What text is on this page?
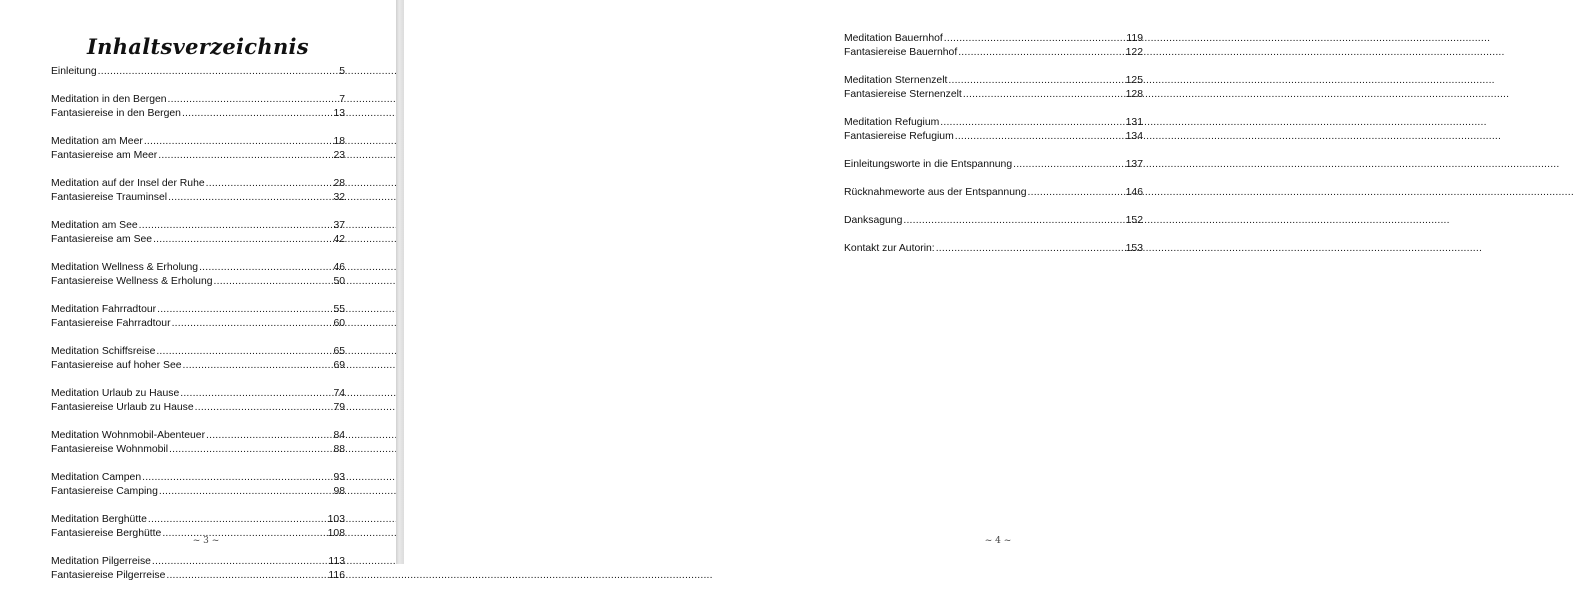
Inhaltsverzeichnis
Einleitung .....	5
Meditation in den Bergen .....	7
Fantasiereise in den Bergen .....	13
Meditation am Meer .....	18
Fantasiereise am Meer .....	23
Meditation auf der Insel der Ruhe .....	28
Fantasiereise Trauminsel .....	32
Meditation am See .....	37
Fantasiereise am See .....	42
Meditation Wellness & Erholung .....	46
Fantasiereise Wellness & Erholung .....	50
Meditation Fahrradtour .....	55
Fantasiereise Fahrradtour .....	60
Meditation Schiffsreise .....	65
Fantasiereise auf hoher See .....	69
Meditation Urlaub zu Hause .....	74
Fantasiereise Urlaub zu Hause .....	79
Meditation Wohnmobil-Abenteuer .....	84
Fantasiereise Wohnmobil .....	88
Meditation Campen .....	93
Fantasiereise Camping .....	98
Meditation Berghütte .....	103
Fantasiereise Berghütte .....	108
Meditation Pilgerreise .....	113
Fantasiereise Pilgerreise .....	116
~ 3 ~
Meditation Bauernhof .....	119
Fantasiereise Bauernhof .....	122
Meditation Sternenzelt .....	125
Fantasiereise Sternenzelt .....	128
Meditation Refugium .....	131
Fantasiereise Refugium .....	134
Einleitungsworte in die Entspannung .....	137
Rücknahmeworte aus der Entspannung .....	146
Danksagung .....	152
Kontakt zur Autorin: .....	153
~ 4 ~
